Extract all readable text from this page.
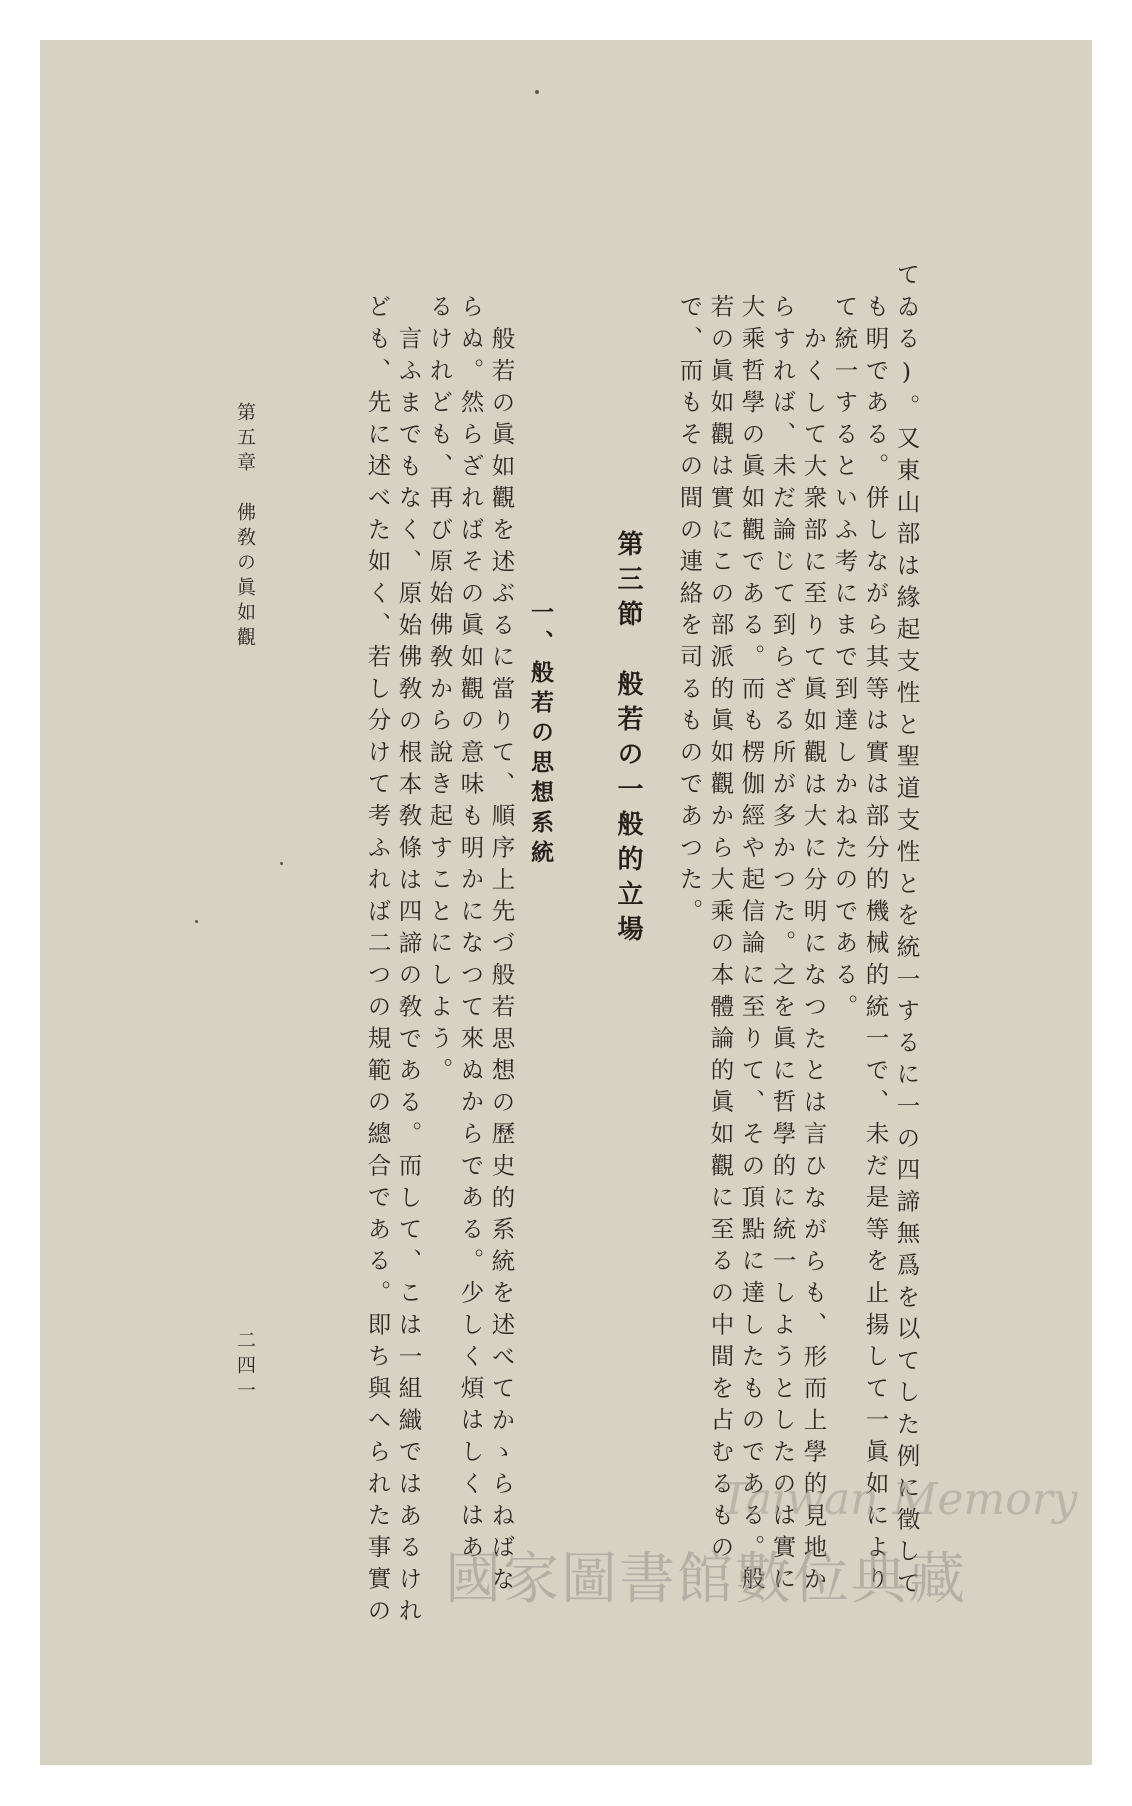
てゐる)。又東山部は緣起支性と聖道支性とを統一するに一の四諦無爲を以てした例に徵して
も明である。併しながら其等は實は部分的機械的統一で、未だ是等を止揚して一眞如により
て統一するといふ考にまで到達しかねたのである。
かくして大衆部に至りて眞如觀は大に分明になつたとは言ひながらも、形而上學的見地か
らすれば、未だ論じて到らざる所が多かつた。之を眞に哲學的に統一しようとしたのは實に
大乘哲學の眞如觀である。而も楞伽經や起信論に至りて、その頂點に達したものである。般
若の眞如觀は實にこの部派的眞如觀から大乘の本體論的眞如觀に至るの中間を占むるもの
で、而もその間の連絡を司るものであつた。
第三節　般若の一般的立場
一、般若の思想系統
般若の眞如觀を述ぶるに當りて、順序上先づ般若思想の歷史的系統を述べてかゝらねばな
らぬ。然らざればその眞如觀の意味も明かになつて來ぬからである。少しく煩はしくはあ
るけれども、再び原始佛敎から說き起すことにしよう。
言ふまでもなく、原始佛敎の根本敎條は四諦の敎である。而して、こは一組織ではあるけれ
ども、先に述べた如く、若し分けて考ふれば二つの規範の總合である。即ち與へられた事實の
第五章　佛敎の眞如觀
二四一
Taiwan Memory
國家圖書館數位典藏
